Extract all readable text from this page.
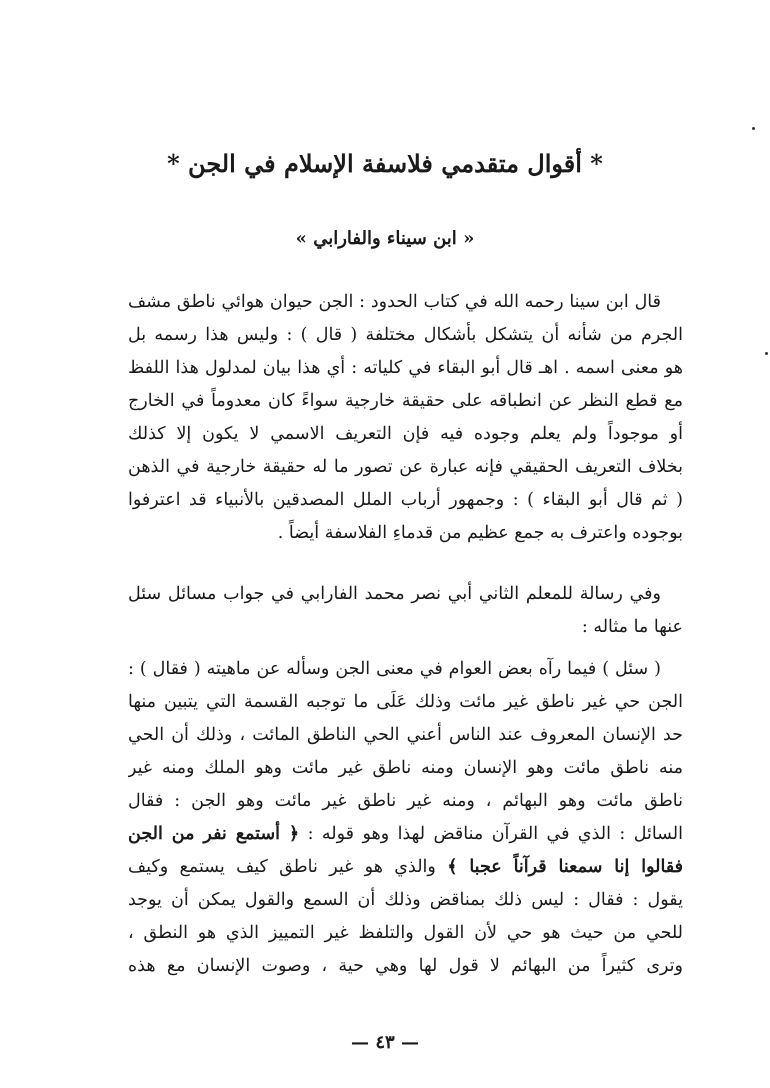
* أقوال متقدمي فلاسفة الإسلام في الجن *
« ابن سيناء والفارابي »
قال ابن سينا رحمه الله في كتاب الحدود : الجن حيوان هوائي ناطق مشف
الجرم من شأنه أن يتشكل بأشكال مختلفة ( قال ) : وليس هذا رسمه بل
هو معنى اسمه . اهـ قال أبو البقاء في كلياته : أي هذا بيان لمدلول هذا اللفظ
مع قطع النظر عن انطباقه على حقيقة خارجية سواءً كان معدوماً في الخارج
أو موجوداً ولم يعلم وجوده فيه فإن التعريف الاسمي لا يكون إلا كذلك
بخلاف التعريف الحقيقي فإنه عبارة عن تصور ما له حقيقة خارجية في الذهن
( ثم قال أبو البقاء ) : وجمهور أرباب الملل المصدقين بالأنبياء قد اعترفوا
بوجوده واعترف به جمع عظيم من قدماءِ الفلاسفة أيضاً .
وفي رسالة للمعلم الثاني أبي نصر محمد الفارابي في جواب مسائل سئل
عنها ما مثاله :
( سئل ) فيما رآه بعض العوام في معنى الجن وسأله عن ماهيته ( فقال ) :
الجن حي غير ناطق غير مائت وذلك عَلَى ما توجبه القسمة التي يتبين منها
حد الإنسان المعروف عند الناس أعني الحي الناطق المائت ، وذلك أن الحي
منه ناطق مائت وهو الإنسان ومنه ناطق غير مائت وهو الملك ومنه غير
ناطق مائت وهو البهائم ، ومنه غير ناطق غير مائت وهو الجن : فقال
السائل : الذي في القرآن مناقض لهذا وهو قوله : ﴿ أستمع نفر من الجن
فقالوا إنا سمعنا قرآناً عجبا ﴾ والذي هو غير ناطق كيف يستمع وكيف
يقول : فقال : ليس ذلك بمناقض وذلك أن السمع والقول يمكن أن يوجد
للحي من حيث هو حي لأن القول والتلفظ غير التمييز الذي هو النطق ،
وترى كثيراً من البهائم لا قول لها وهي حية ، وصوت الإنسان مع هذه
— ٤٣ —
